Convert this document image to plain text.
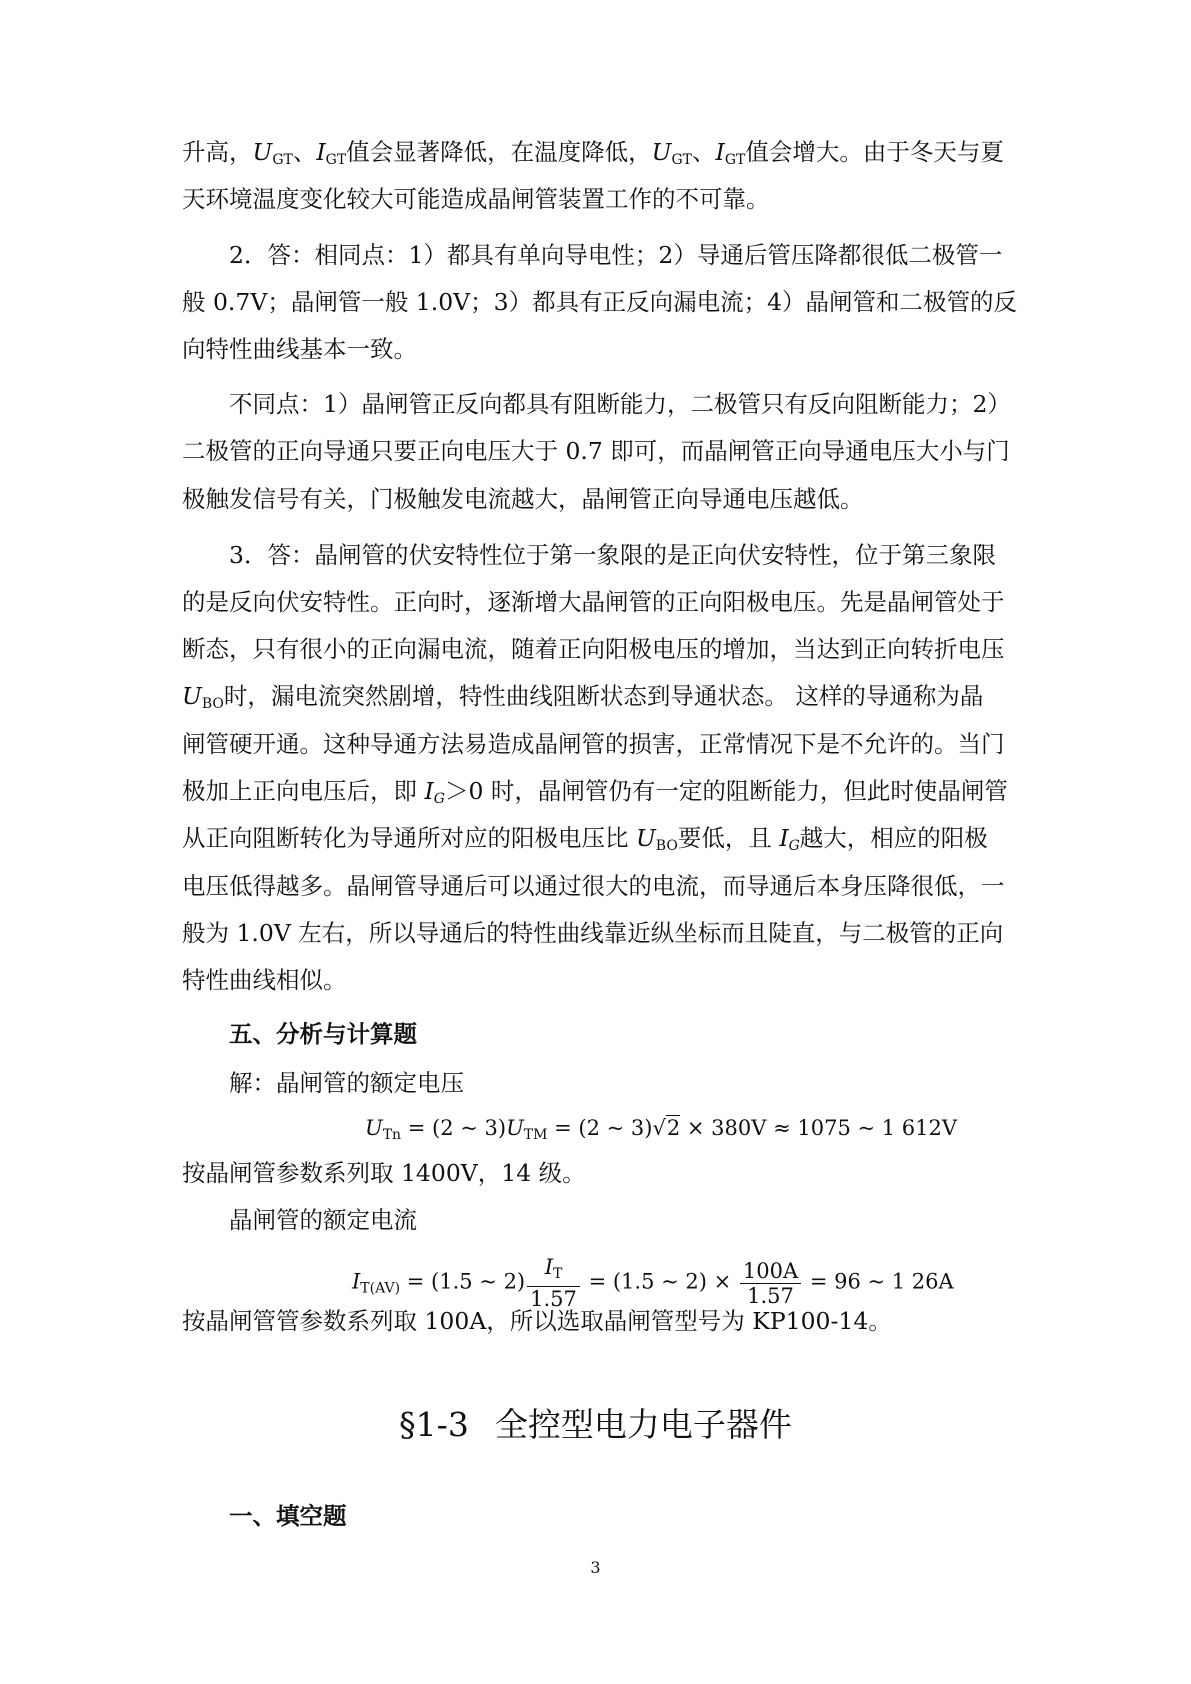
升高，$U_{GT}$、$I_{GT}$值会显著降低，在温度降低，$U_{GT}$、$I_{GT}$值会增大。由于冬天与夏
天环境温度变化较大可能造成晶闸管装置工作的不可靠。
2．答：相同点：1）都具有单向导电性；2）导通后管压降都很低二极管一
般 0.7V；晶闸管一般 1.0V；3）都具有正反向漏电流；4）晶闸管和二极管的反
向特性曲线基本一致。
不同点：1）晶闸管正反向都具有阻断能力，二极管只有反向阻断能力；2）
二极管的正向导通只要正向电压大于 0.7 即可，而晶闸管正向导通电压大小与门
极触发信号有关，门极触发电流越大，晶闸管正向导通电压越低。
3．答：晶闸管的伏安特性位于第一象限的是正向伏安特性，位于第三象限
的是反向伏安特性。正向时，逐渐增大晶闸管的正向阳极电压。先是晶闸管处于
断态，只有很小的正向漏电流，随着正向阳极电压的增加，当达到正向转折电压
$U_{BO}$时，漏电流突然剧增，特性曲线阻断状态到导通状态。 这样的导通称为晶
闸管硬开通。这种导通方法易造成晶闸管的损害，正常情况下是不允许的。当门
极加上正向电压后，即 $I_G>0$ 时，晶闸管仍有一定的阻断能力，但此时使晶闸管
从正向阻断转化为导通所对应的阳极电压比 $U_{BO}$要低，且 $I_G$越大，相应的阳极
电压低得越多。晶闸管导通后可以通过很大的电流，而导通后本身压降很低，一
般为 1.0V 左右，所以导通后的特性曲线靠近纵坐标而且陡直，与二极管的正向
特性曲线相似。
五、分析与计算题
解：晶闸管的额定电压
$U_{Tn} = (2$ ~ $3)U_{TM} = (2$ ~ 3)√2 × 380V ≈ 1075 ~ 1 612V
按晶闸管参数系列取 1400V，14 级。
晶闸管的额定电流
$I_{T(AV)} = (1.5$ ~ $2) \frac{I_T}{1.57} = (1.5$ ~ $2) \times \frac{100A}{1.57} = 96$ ~ 1 26A
按晶闸管管参数系列取 100A，所以选取晶闸管型号为 KP100-14。
§1-3 全控型电力电子器件
一、填空题
3
